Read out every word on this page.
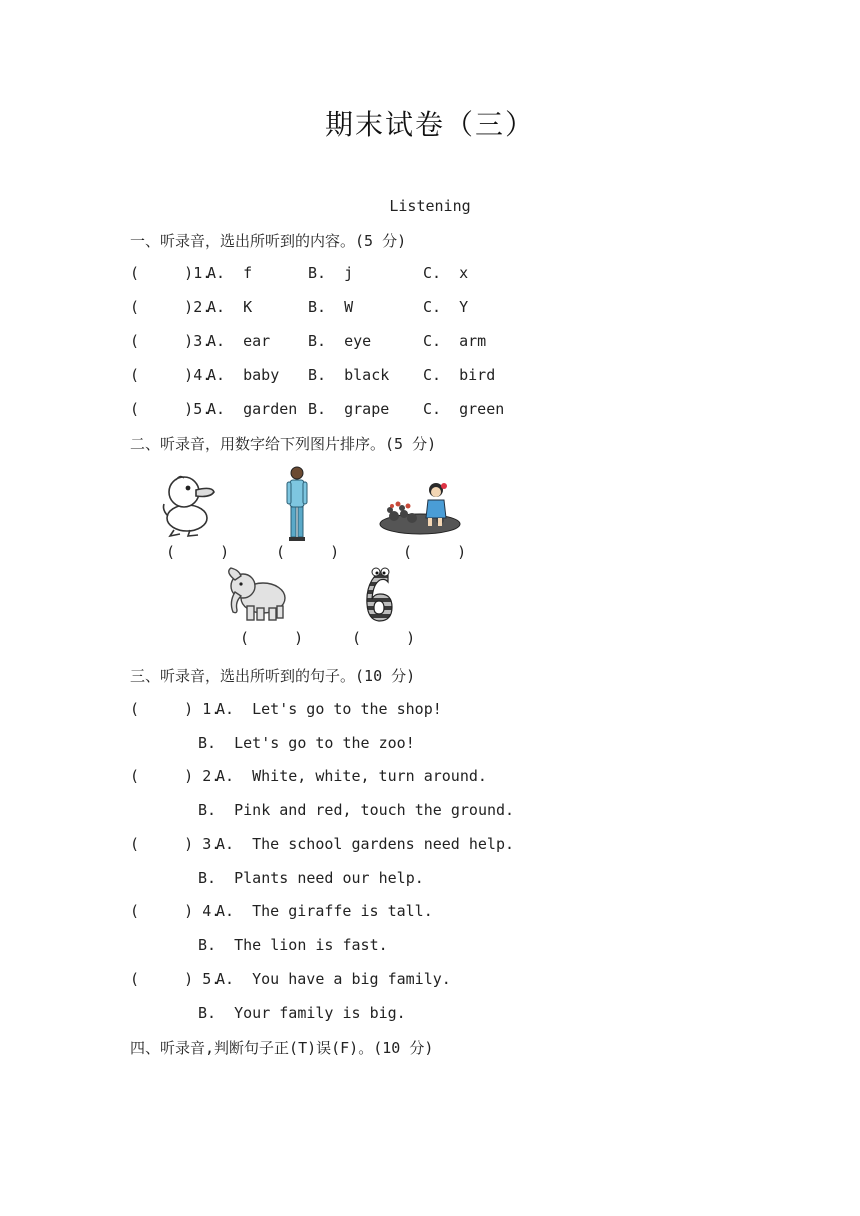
期末试卷（三）
Listening
一、听录音，选出所听到的内容。(5 分)
(     )1.
A.  f	B.  j	C.  x
(     )2.
A.  K	B.  W	C.  Y
(     )3.
A.  ear	B.  eye	C.  arm
(     )4.
A.  baby B.  black C.  bird
(     )5.
A.  garden B.  grape C.  green
二、听录音，用数字给下列图片排序。(5 分)
(     )	(     )	(     )
(     )	(     )
三、听录音，选出所听到的句子。(10 分)
(     ) 1.
A.  Let's go to the shop!
B.  Let's go to the zoo!
(     ) 2.
A.  White, white, turn around.
B.  Pink and red, touch the ground.
(     ) 3.
A.  The school gardens need help.
B.  Plants need our help.
(     ) 4.
A.  The giraffe is tall.
B.  The lion is fast.
(     ) 5.
A.  You have a big family.
B.  Your family is big.
四、听录音,判断句子正(T)误(F)。(10 分)
